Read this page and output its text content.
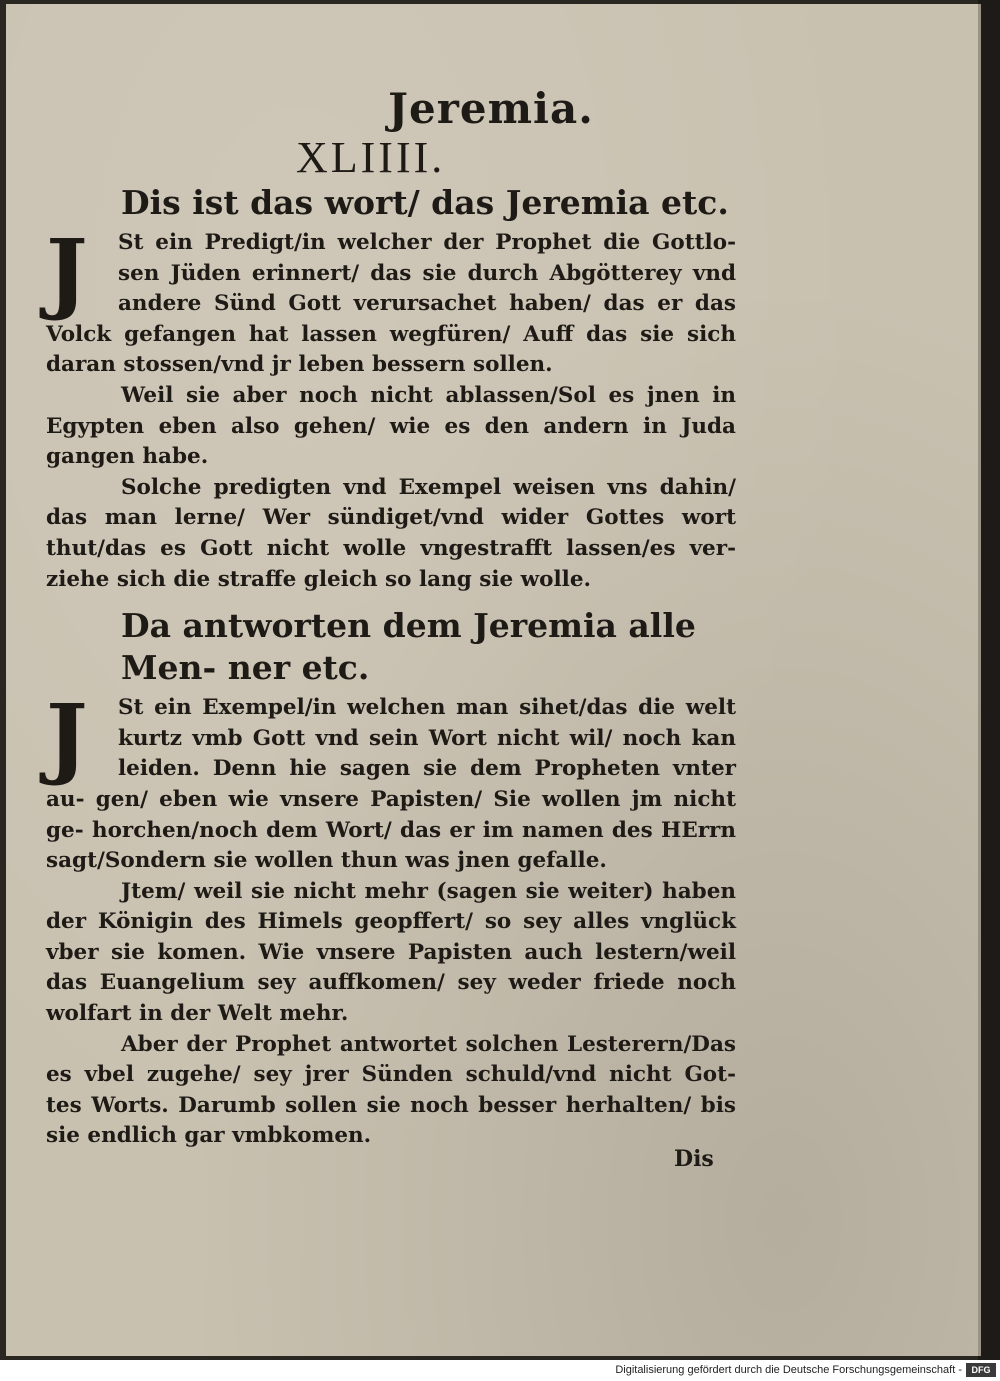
Jeremia.
XLIIII.
Dis ist das wort/ das Jeremia etc.

J	St ein Predigt/in welcher der Prophet die Gottlo- sen Jüden erinnert/ das sie durch Abgötterey vnd andere Sünd Gott verursachet haben/ das er das Volck gefangen hat lassen wegfüren/ Auff das sie sich daran stossen/vnd jr leben bessern sollen.

Weil sie aber noch nicht ablassen/Sol es jnen in Egypten eben also gehen/ wie es den andern in Juda gangen habe.

Solche predigten vnd Exempel weisen vns dahin/ das man lerne/ Wer sündiget/vnd wider Gottes wort thut/das es Gott nicht wolle vngestrafft lassen/es ver- ziehe sich die straffe gleich so lang sie wolle.

Da antworten dem Jeremia alle Men- ner etc.

J	St ein Exempel/in welchen man sihet/das die welt kurtz vmb Gott vnd sein Wort nicht wil/ noch kan leiden. Denn hie sagen sie dem Propheten vnter au- gen/ eben wie vnsere Papisten/ Sie wollen jm nicht ge- horchen/noch dem Wort/ das er im namen des HErrn sagt/Sondern sie wollen thun was jnen gefalle.

Jtem/ weil sie nicht mehr (sagen sie weiter) haben der Königin des Himels geopffert/ so sey alles vnglück vber sie komen. Wie vnsere Papisten auch lestern/weil das Euangelium sey auffkomen/ sey weder friede noch wolfart in der Welt mehr.

Aber der Prophet antwortet solchen Lesterern/Das es vbel zugehe/ sey jrer Sünden schuld/vnd nicht Got- tes Worts. Darumb sollen sie noch besser herhalten/ bis sie endlich gar vmbkomen.

Dis
Digitalisierung gefördert durch die Deutsche Forschungsgemeinschaft -	DFG
